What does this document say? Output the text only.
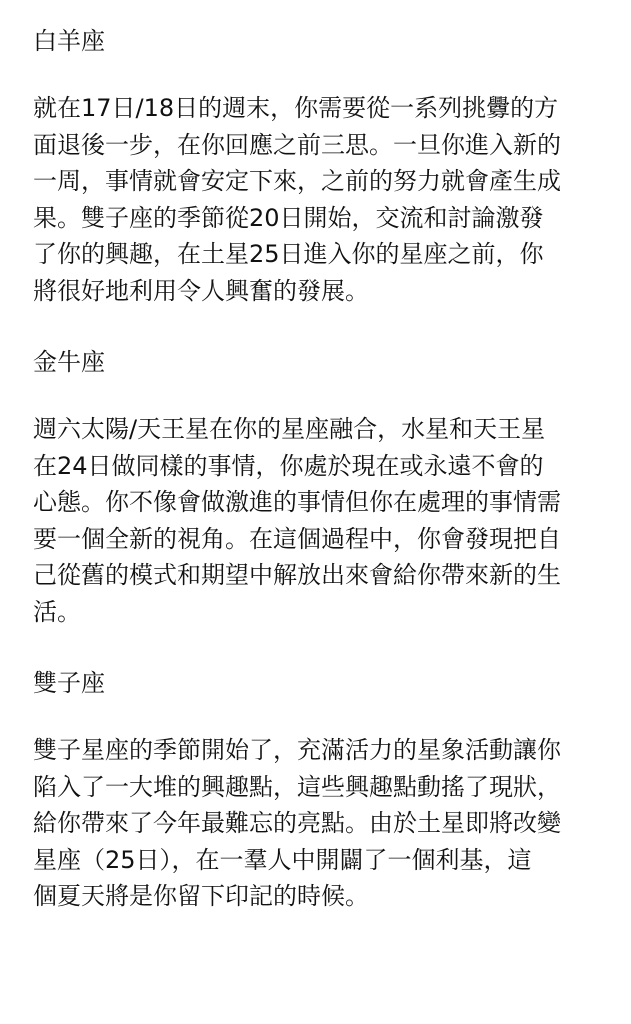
白羊座

就在17日/18日的週末，你需要從一系列挑釁的方
面退後一步，在你回應之前三思。一旦你進入新的
一周，事情就會安定下來，之前的努力就會產生成
果。雙子座的季節從20日開始，交流和討論激發
了你的興趣，在土星25日進入你的星座之前，你
將很好地利用令人興奮的發展。

金牛座

週六太陽/天王星在你的星座融合，水星和天王星
在24日做同樣的事情，你處於現在或永遠不會的
心態。你不像會做激進的事情但你在處理的事情需
要一個全新的視角。在這個過程中，你會發現把自
己從舊的模式和期望中解放出來會給你帶來新的生
活。

雙子座

雙子星座的季節開始了，充滿活力的星象活動讓你
陷入了一大堆的興趣點，這些興趣點動搖了現狀，
給你帶來了今年最難忘的亮點。由於土星即將改變
星座（25日），在一羣人中開闢了一個利基，這
個夏天將是你留下印記的時候。
